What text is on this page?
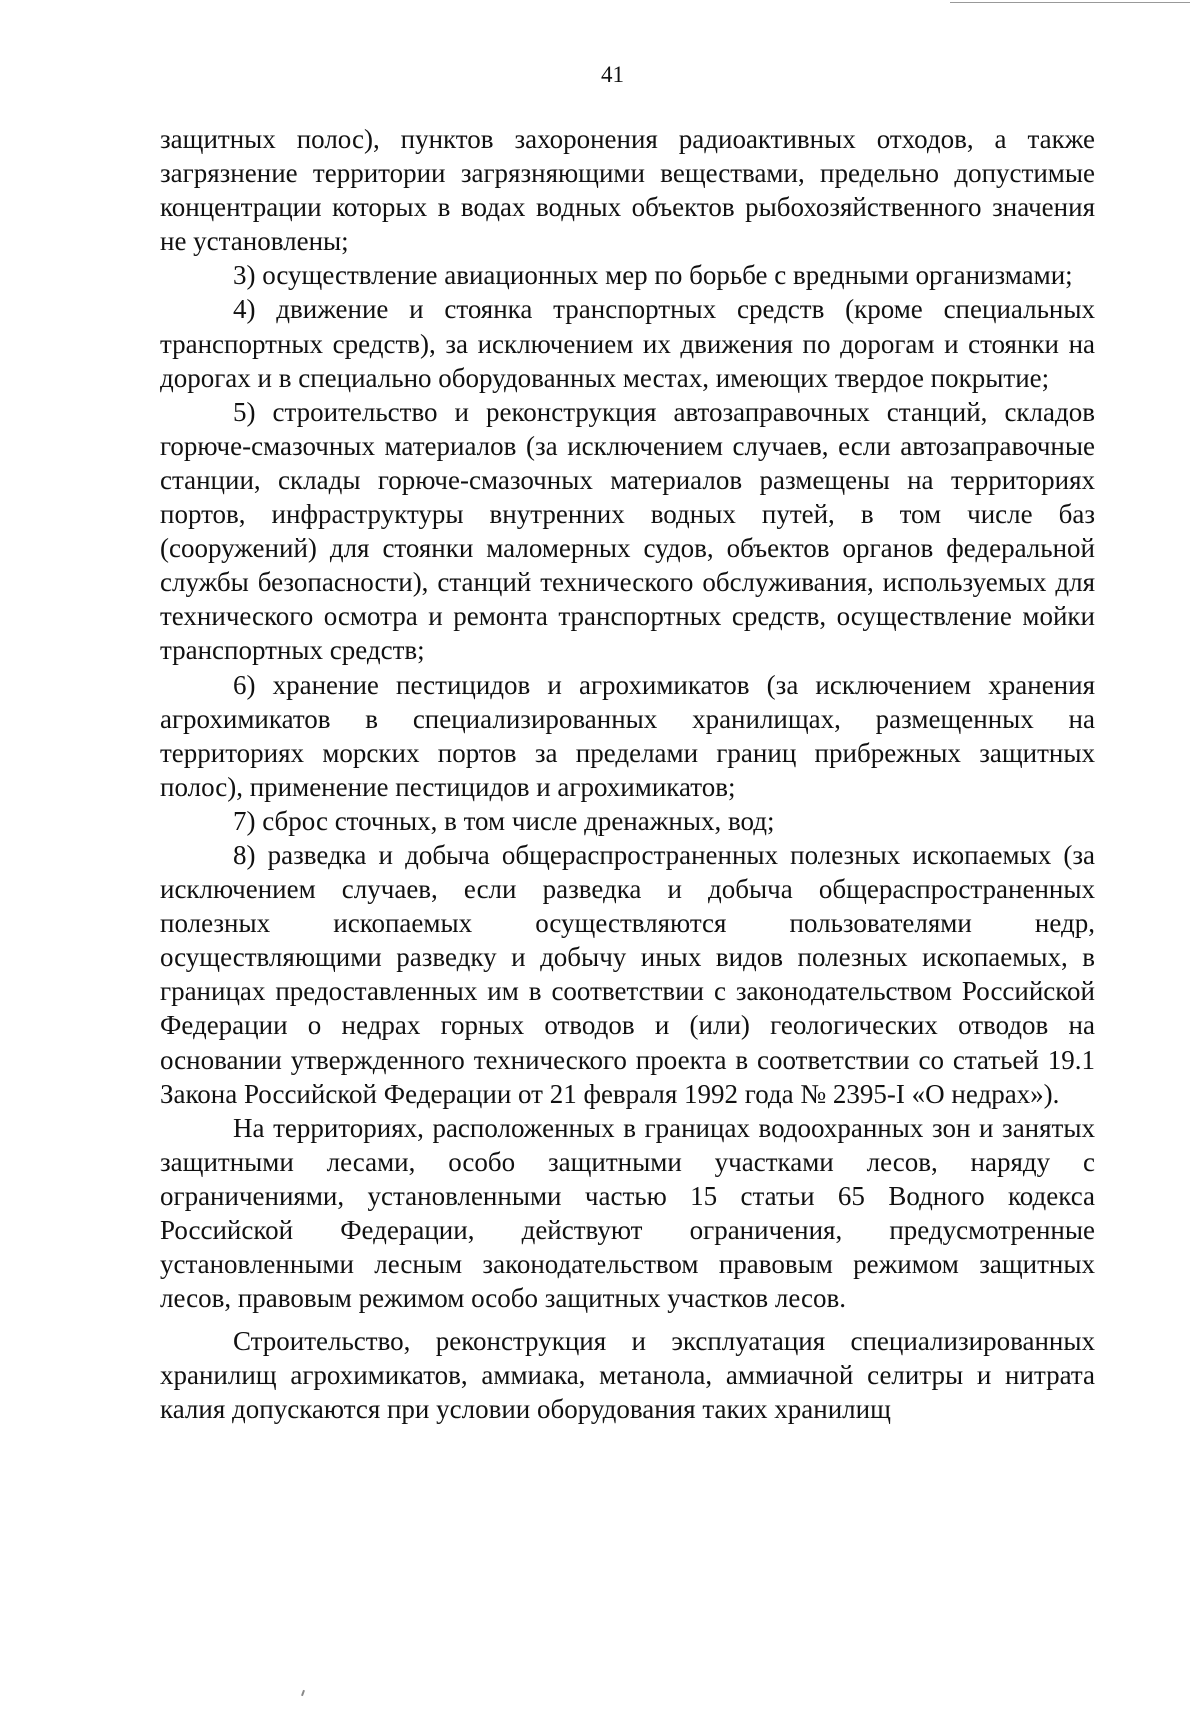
41

защитных полос), пунктов захоронения радиоактивных отходов, а также загрязнение территории загрязняющими веществами, предельно допустимые концентрации которых в водах водных объектов рыбохозяйственного значения не установлены;

3) осуществление авиационных мер по борьбе с вредными организмами;

4) движение и стоянка транспортных средств (кроме специальных транспортных средств), за исключением их движения по дорогам и стоянки на дорогах и в специально оборудованных местах, имеющих твердое покрытие;

5) строительство и реконструкция автозаправочных станций, складов горюче-смазочных материалов (за исключением случаев, если автозаправочные станции, склады горюче-смазочных материалов размещены на территориях портов, инфраструктуры внутренних водных путей, в том числе баз (сооружений) для стоянки маломерных судов, объектов органов федеральной службы безопасности), станций технического обслуживания, используемых для технического осмотра и ремонта транспортных средств, осуществление мойки транспортных средств;

6) хранение пестицидов и агрохимикатов (за исключением хранения агрохимикатов в специализированных хранилищах, размещенных на территориях морских портов за пределами границ прибрежных защитных полос), применение пестицидов и агрохимикатов;

7) сброс сточных, в том числе дренажных, вод;

8) разведка и добыча общераспространенных полезных ископаемых (за исключением случаев, если разведка и добыча общераспространенных полезных ископаемых осуществляются пользователями недр, осуществляющими разведку и добычу иных видов полезных ископаемых, в границах предоставленных им в соответствии с законодательством Российской Федерации о недрах горных отводов и (или) геологических отводов на основании утвержденного технического проекта в соответствии со статьей 19.1 Закона Российской Федерации от 21 февраля 1992 года № 2395-I «О недрах»).

На территориях, расположенных в границах водоохранных зон и занятых защитными лесами, особо защитными участками лесов, наряду с ограничениями, установленными частью 15 статьи 65 Водного кодекса Российской Федерации, действуют ограничения, предусмотренные установленными лесным законодательством правовым режимом защитных лесов, правовым режимом особо защитных участков лесов.

Строительство, реконструкция и эксплуатация специализированных хранилищ агрохимикатов, аммиака, метанола, аммиачной селитры и нитрата калия допускаются при условии оборудования таких хранилищ
